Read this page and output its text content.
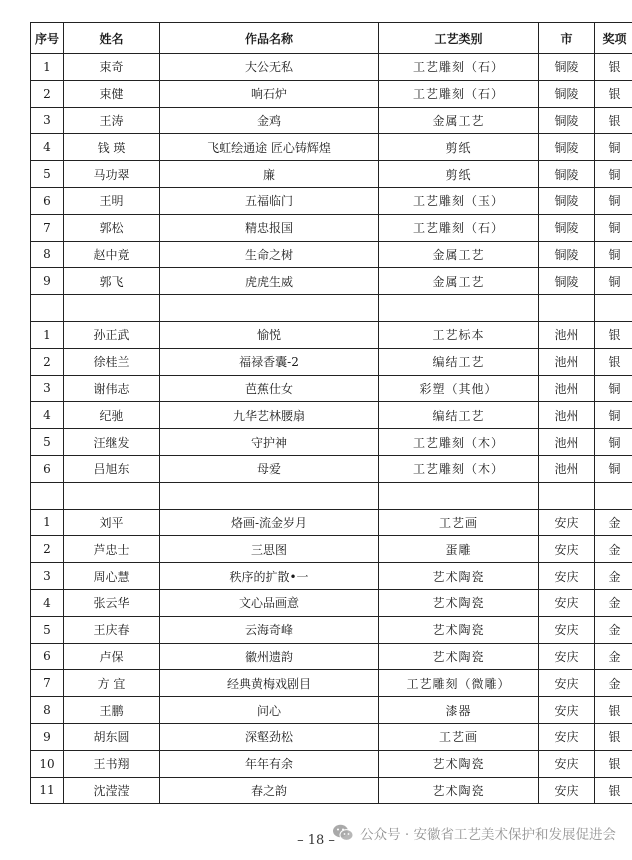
序号	姓名	作品名称	工艺类别	市	奖项
1	束奇	大公无私	工艺雕刻（石）	铜陵	银
2	束健	响石炉	工艺雕刻（石）	铜陵	银
3	王涛	金鸡	金属工艺	铜陵	银
4	钱 瑛	飞虹绘通途 匠心铸辉煌	剪纸	铜陵	铜
5	马功翠	廉	剪纸	铜陵	铜
6	王明	五福临门	工艺雕刻（玉）	铜陵	铜
7	郭松	精忠报国	工艺雕刻（石）	铜陵	铜
8	赵中竟	生命之树	金属工艺	铜陵	铜
9	郭飞	虎虎生威	金属工艺	铜陵	铜

1	孙正武	愉悦	工艺标本	池州	银
2	徐桂兰	福禄香囊-2	编结工艺	池州	银
3	谢伟志	芭蕉仕女	彩塑（其他）	池州	铜
4	纪驰	九华艺林腰扇	编结工艺	池州	铜
5	汪继发	守护神	工艺雕刻（木）	池州	铜
6	吕旭东	母爱	工艺雕刻（木）	池州	铜

1	刘平	烙画-流金岁月	工艺画	安庆	金
2	芦忠士	三思图	蛋雕	安庆	金
3	周心慧	秩序的扩散•一	艺术陶瓷	安庆	金
4	张云华	文心品画意	艺术陶瓷	安庆	金
5	王庆春	云海奇峰	艺术陶瓷	安庆	金
6	卢保	徽州遗韵	艺术陶瓷	安庆	金
7	方 宜	经典黄梅戏剧目	工艺雕刻（微雕）	安庆	金
8	王鹏	问心	漆器	安庆	银
9	胡东圆	深壑劲松	工艺画	安庆	银
10	王书翔	年年有余	艺术陶瓷	安庆	银
11	沈滢滢	春之韵	艺术陶瓷	安庆	银
– 18 –	公众号 · 安徽省工艺美术保护和发展促进会
